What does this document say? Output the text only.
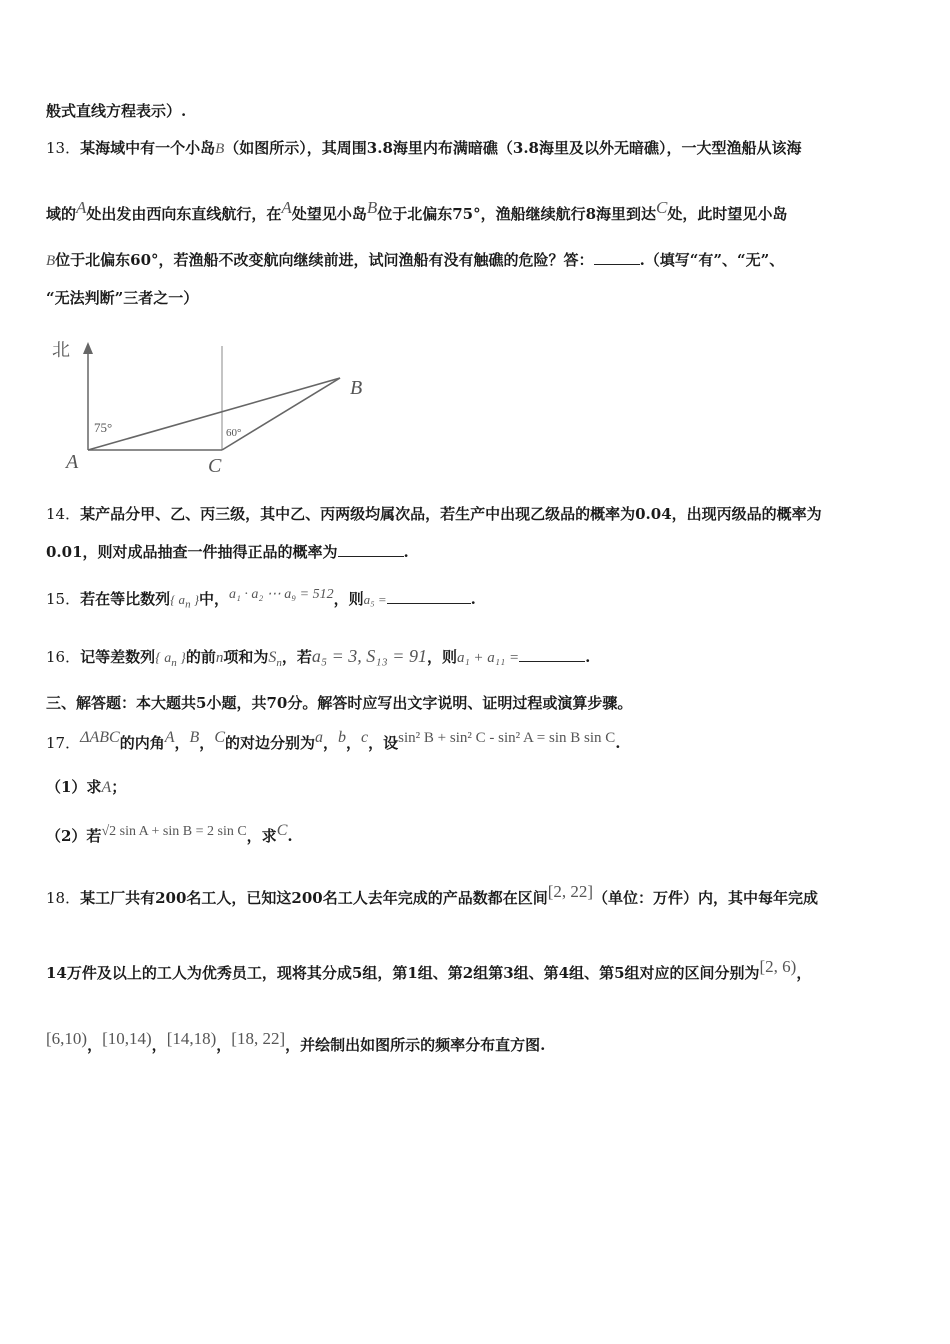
般式直线方程表示）.
13．某海域中有一个小岛B（如图所示），其周围3.8海里内布满暗礁（3.8海里及以外无暗礁），一大型渔船从该海
域的A处出发由西向东直线航行，在A处望见小岛B位于北偏东75°，渔船继续航行8海里到达C处，此时望见小岛
B位于北偏东60°，若渔船不改变航向继续前进，试问渔船有没有触礁的危险？答：	.（填写“有”、“无”、
“无法判断”三者之一）
北
75°	60°
A	C
B
14．某产品分甲、乙、丙三级，其中乙、丙两级均属次品，若生产中出现乙级品的概率为0.04，出现丙级品的概率为
0.01，则对成品抽查一件抽得正品的概率为	.
15．若在等比数列{ $a_n$ }中，a₁ · a₂ ⋯ a₉ = 512，则a₅ =	.
16．记等差数列{ $a_n$ }的前n项和为$S_n$，若a₅ = 3, S₁₃ = 91，则a₁ + a₁₁ =	.
三、解答题：本大题共5小题，共70分。解答时应写出文字说明、证明过程或演算步骤。
17．ΔABC的内角A，B，C的对边分别为a，b，c，设sin² B + sin² C - sin² A = sin B sin C.
（1）求A；
（2）若√2 sin A + sin B = 2 sin C，求C.
18．某工厂共有200名工人，已知这200名工人去年完成的产品数都在区间[2, 22]（单位：万件）内，其中每年完成
14万件及以上的工人为优秀员工，现将其分成5组，第1组、第2组第3组、第4组、第5组对应的区间分别为[2, 6)，
[6,10)，[10,14)，[14,18)，[18, 22]，并绘制出如图所示的频率分布直方图.
